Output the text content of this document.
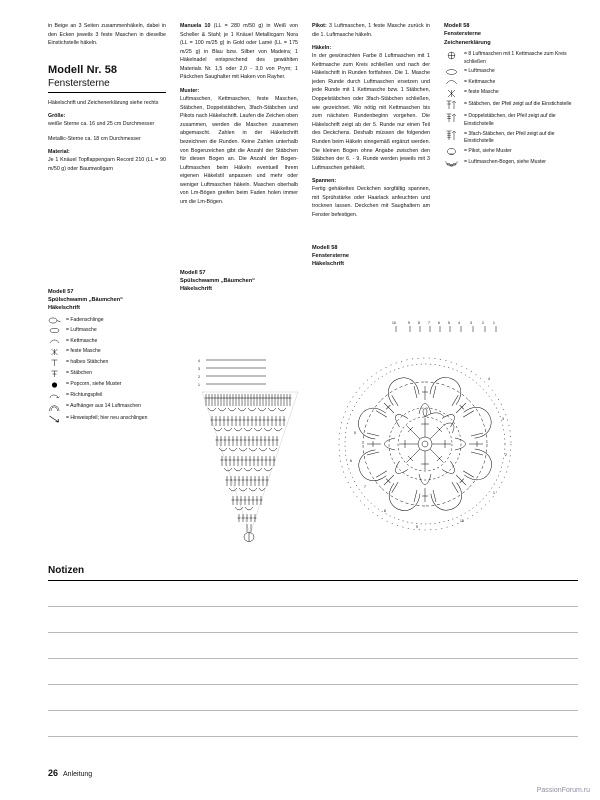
in Beige an 3 Seiten zusammenhäkeln, dabei in den Ecken jeweils 3 feste Maschen in dieselbe Einstichstelle häkeln.

Modell Nr. 58
Fenstersterne

Häkelschrift und Zeichenerklärung siehe rechts

Größe:

weiße Sterne ca. 16 und 25 cm Durchmesser

Metallic-Sterne ca. 18 cm Durchmesser

Material:

Je 1 Knäuel Topflappengarn Record 210 (LL = 90 m/50 g) oder Baumwollgarn

Modell 57
Spülschwamm „Bäumchen“
Häkelschrift
= Fadenschlinge
= Luftmasche
= Kettmasche
= feste Masche
= halbes Stäbchen
= Stäbchen
= Popcorn, siehe Muster
= Richtungspfeil
= Aufhänger aus 14 Luftmaschen
= Hinweispfeil; hier neu anschlingen

Manuela 10 (LL = 280 m/50 g) in Weiß von Scheller & Stahl; je 1 Knäuel Metallicgarn Nora (LL = 100 m/25 g) in Gold oder Lamé (LL = 175 m/25 g) in Blau bzw. Silber von Madeira; 1 Häkelnadel entsprechend des gewählten Materials Nr. 1,5 oder 2,0 - 3,0 von Prym; 1 Päckchen Saughalter mit Haken von Rayher.

Muster:

Luftmaschen, Kettmaschen, feste Maschen, Stäbchen, Doppelstäbchen, 3fach-Stäbchen und Pikots nach Häkelschrift. Laufen die Zeichen oben zusammen, werden die Maschen zusammen abgemascht. Zahlen in der Häkelschrift bezeichnen die Runden. Keine Zahlen unterhalb von Bogenzeichen gibt die Anzahl der Stäbchen für diesen Bogen an. Die Anzahl der Bogen-Luftmaschen beim Häkeln eventuell Ihrem eigenen Häkelstil anpassen und mehr oder weniger Luftmaschen häkeln. Maschen oberhalb von Lm-Bögen greifen beim Faden holen immer um die Lm-Bögen.

Modell 57
Spülschwamm „Bäumchen“
Häkelschrift

Pikot: 3 Luftmaschen, 1 feste Masche zurück in die 1. Luftmasche häkeln.

Häkeln:

In der gewünschten Farbe 8 Luftmaschen mit 1 Kettmasche zum Kreis schließen und nach der Häkelschrift in Runden fortfahren. Die 1. Masche jeden Runde durch Luftmaschen ersetzen und jede Runde mit 1 Kettmasche bzw. 1 Stäbchen, Doppelstäbchen oder 3fach-Stäbchen schließen, wie gezeichnet. Wo nötig mit Kettmaschen bis zum nächsten Rundenbeginn vorgehen. Die Häkelschrift zeigt ab der 5. Runde nur einen Teil des Deckchens. Deshalb müssen die folgenden Runden beim Häkeln sinngemäß ergänzt werden. Die kleinen Bogen ohne Angabe zwischen den Stäbchen der 6. - 9. Runde werden jeweils mit 3 Luftmaschen gehäkelt.

Spannen:

Fertig gehäkeltes Deckchen sorgfältig spannen, mit Sprühstärke oder Haarlack anfeuchten und trocknen lassen. Deckchen mit Saughaltern am Fenster befestigen.

Modell 58
Fenstersterne
Häkelschrift
Modell 58
Fenstersterne
Zeichenerklärung
= 8 Luftmaschen mit 1 Kettmasche zum Kreis schließen
= Luftmasche
= Kettmasche
= feste Masche
= Stäbchen, der Pfeil zeigt auf die Einstichstelle
= Doppelstäbchen, der Pfeil zeigt auf die Einstichstelle
= 3fach-Stäbchen, der Pfeil zeigt auf die Einstichstelle
= Pikot, siehe Muster
= Luftmaschen-Bogen, siehe Muster
4
3
2
1
10	9 8 7 6 5 4	3	2	1
5
6
7
8
9
10
1
2
3
4
Notizen
26 Anleitung
PassionForum.ru
